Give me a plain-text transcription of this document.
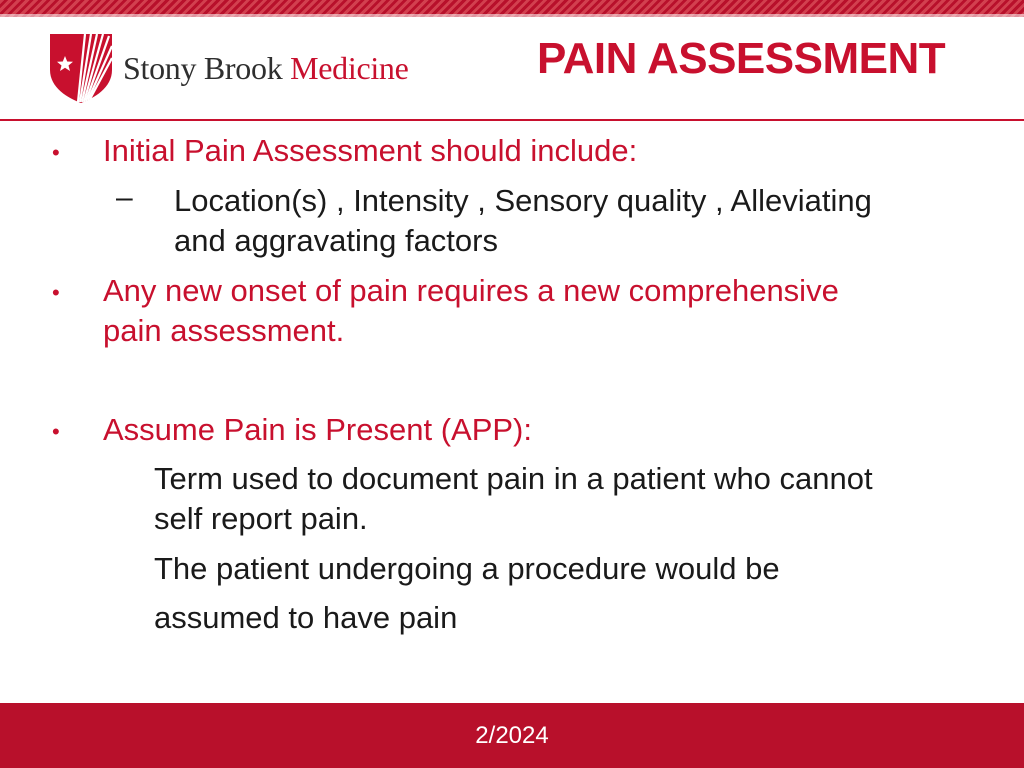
Stony Brook Medicine	PAIN ASSESSMENT
• Initial Pain Assessment should include:
– Location(s) , Intensity , Sensory quality , Alleviating
and aggravating factors
• Any new onset of pain requires a new comprehensive
pain assessment.
• Assume Pain is Present (APP):
Term used to document pain in a patient who cannot
self report pain.
The patient undergoing a procedure would be
assumed to have pain
2/2024
